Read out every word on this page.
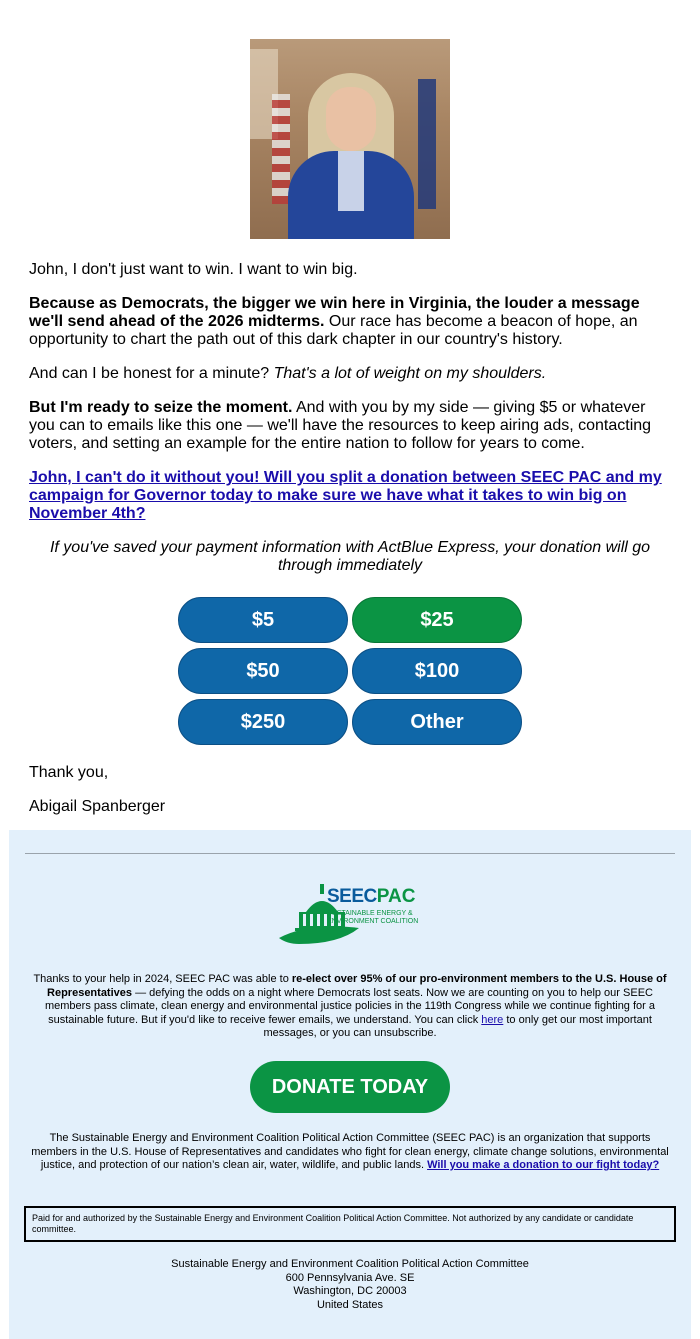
John, I don't just want to win. I want to win big.

Because as Democrats, the bigger we win here in Virginia, the louder a message we'll send ahead of the 2026 midterms. Our race has become a beacon of hope, an opportunity to chart the path out of this dark chapter in our country's history.

And can I be honest for a minute? That's a lot of weight on my shoulders.

But I'm ready to seize the moment. And with you by my side — giving $5 or whatever you can to emails like this one — we'll have the resources to keep airing ads, contacting voters, and setting an example for the entire nation to follow for years to come.

John, I can't do it without you! Will you split a donation between SEEC PAC and my campaign for Governor today to make sure we have what it takes to win big on November 4th?

If you've saved your payment information with ActBlue Express, your donation will go through immediately

$5	$25
$50	$100
$250	Other

Thank you,

Abigail Spanberger

SEECPAC
SUSTAINABLE ENERGY & ENVIRONMENT COALITION
Thanks to your help in 2024, SEEC PAC was able to re-elect over 95% of our pro-environment members to the U.S. House of Representatives — defying the odds on a night where Democrats lost seats. Now we are counting on you to help our SEEC members pass climate, clean energy and environmental justice policies in the 119th Congress while we continue fighting for a sustainable future. But if you'd like to receive fewer emails, we understand. You can click here to only get our most important messages, or you can unsubscribe.
DONATE TODAY
The Sustainable Energy and Environment Coalition Political Action Committee (SEEC PAC) is an organization that supports members in the U.S. House of Representatives and candidates who fight for clean energy, climate change solutions, environmental justice, and protection of our nation’s clean air, water, wildlife, and public lands. Will you make a donation to our fight today?
Paid for and authorized by the Sustainable Energy and Environment Coalition Political Action Committee. Not authorized by any candidate or candidate committee.
Sustainable Energy and Environment Coalition Political Action Committee
600 Pennsylvania Ave. SE
Washington, DC 20003
United States
